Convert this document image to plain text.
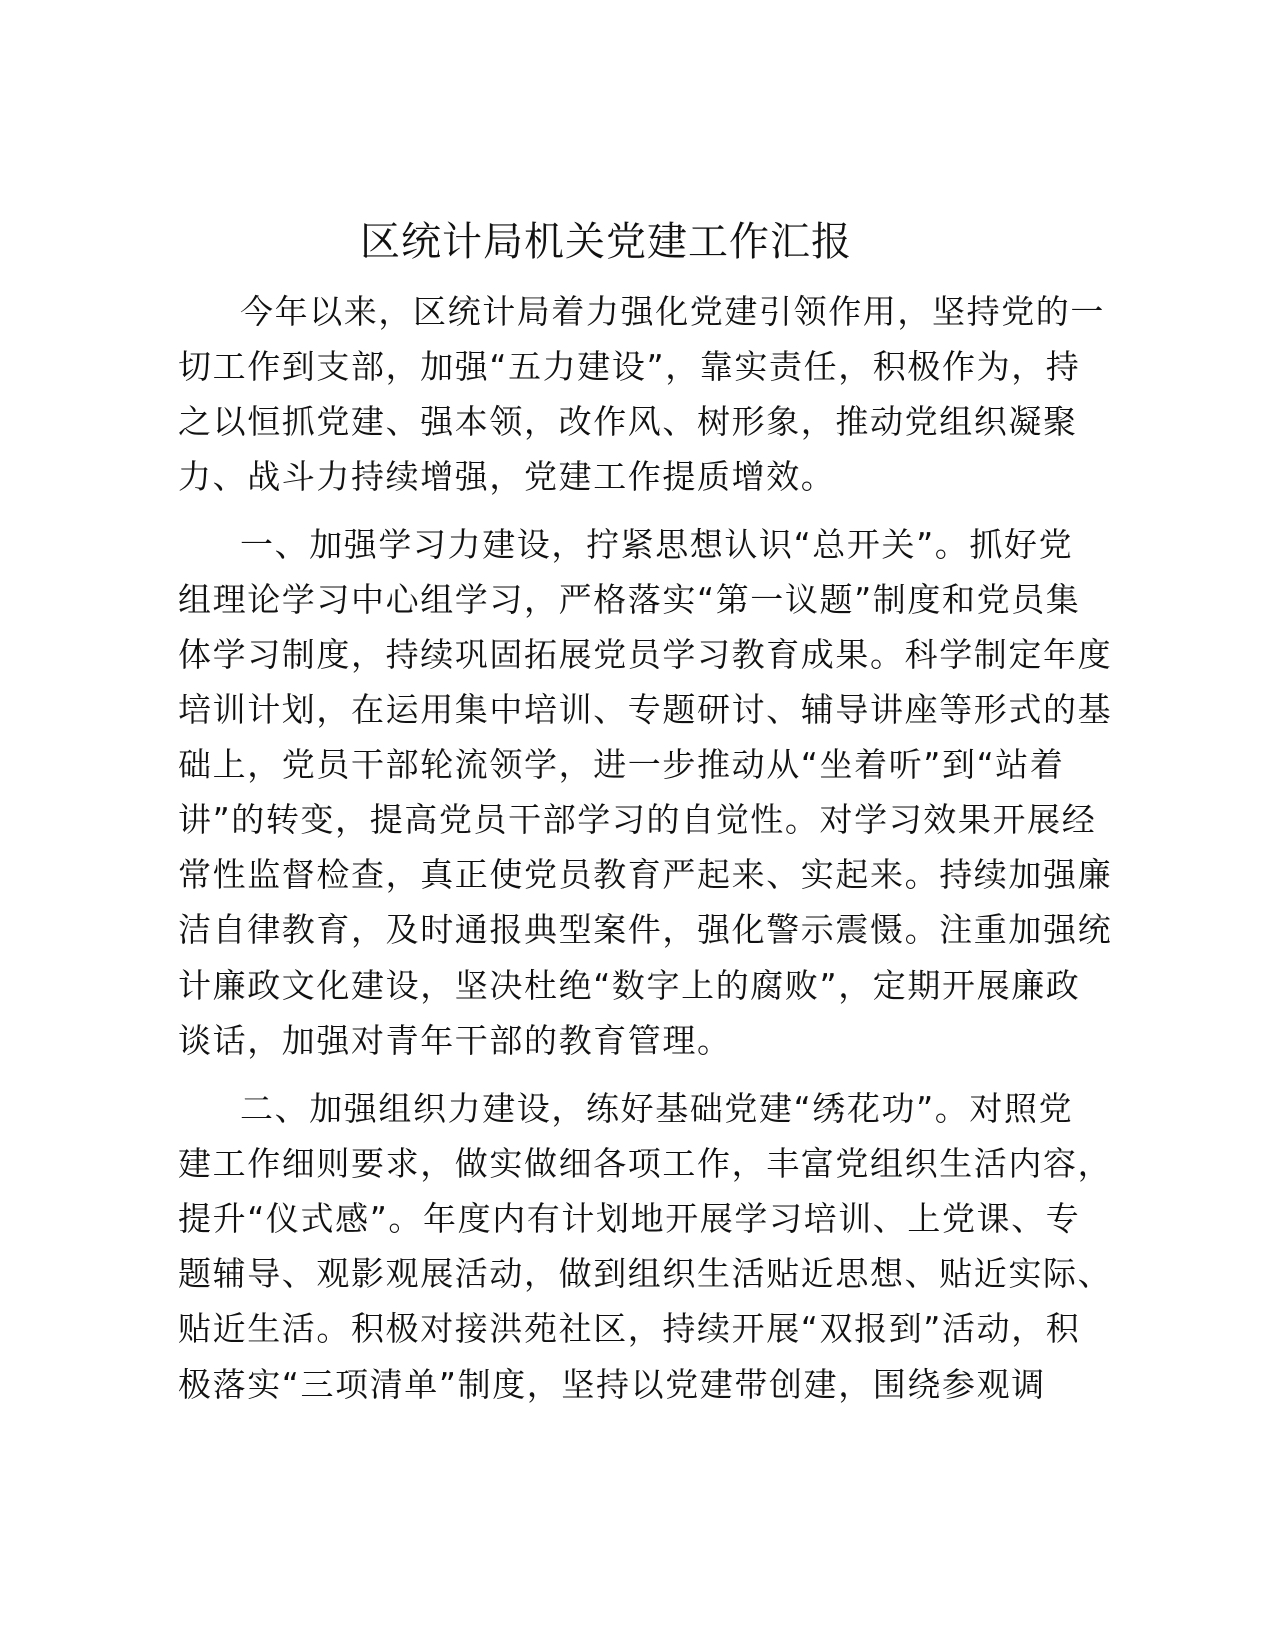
区统计局机关党建工作汇报
今年以来，区统计局着力强化党建引领作用，坚持党的一
切工作到支部，加强“五力建设”，靠实责任，积极作为，持
之以恒抓党建、强本领，改作风、树形象，推动党组织凝聚
力、战斗力持续增强，党建工作提质增效。
一、加强学习力建设，拧紧思想认识“总开关”。抓好党
组理论学习中心组学习，严格落实“第一议题”制度和党员集
体学习制度，持续巩固拓展党员学习教育成果。科学制定年度
培训计划，在运用集中培训、专题研讨、辅导讲座等形式的基
础上，党员干部轮流领学，进一步推动从“坐着听”到“站着
讲”的转变，提高党员干部学习的自觉性。对学习效果开展经
常性监督检查，真正使党员教育严起来、实起来。持续加强廉
洁自律教育，及时通报典型案件，强化警示震慑。注重加强统
计廉政文化建设，坚决杜绝“数字上的腐败”，定期开展廉政
谈话，加强对青年干部的教育管理。
二、加强组织力建设，练好基础党建“绣花功”。对照党
建工作细则要求，做实做细各项工作，丰富党组织生活内容，
提升“仪式感”。年度内有计划地开展学习培训、上党课、专
题辅导、观影观展活动，做到组织生活贴近思想、贴近实际、
贴近生活。积极对接洪苑社区，持续开展“双报到”活动，积
极落实“三项清单”制度，坚持以党建带创建，围绕参观调
